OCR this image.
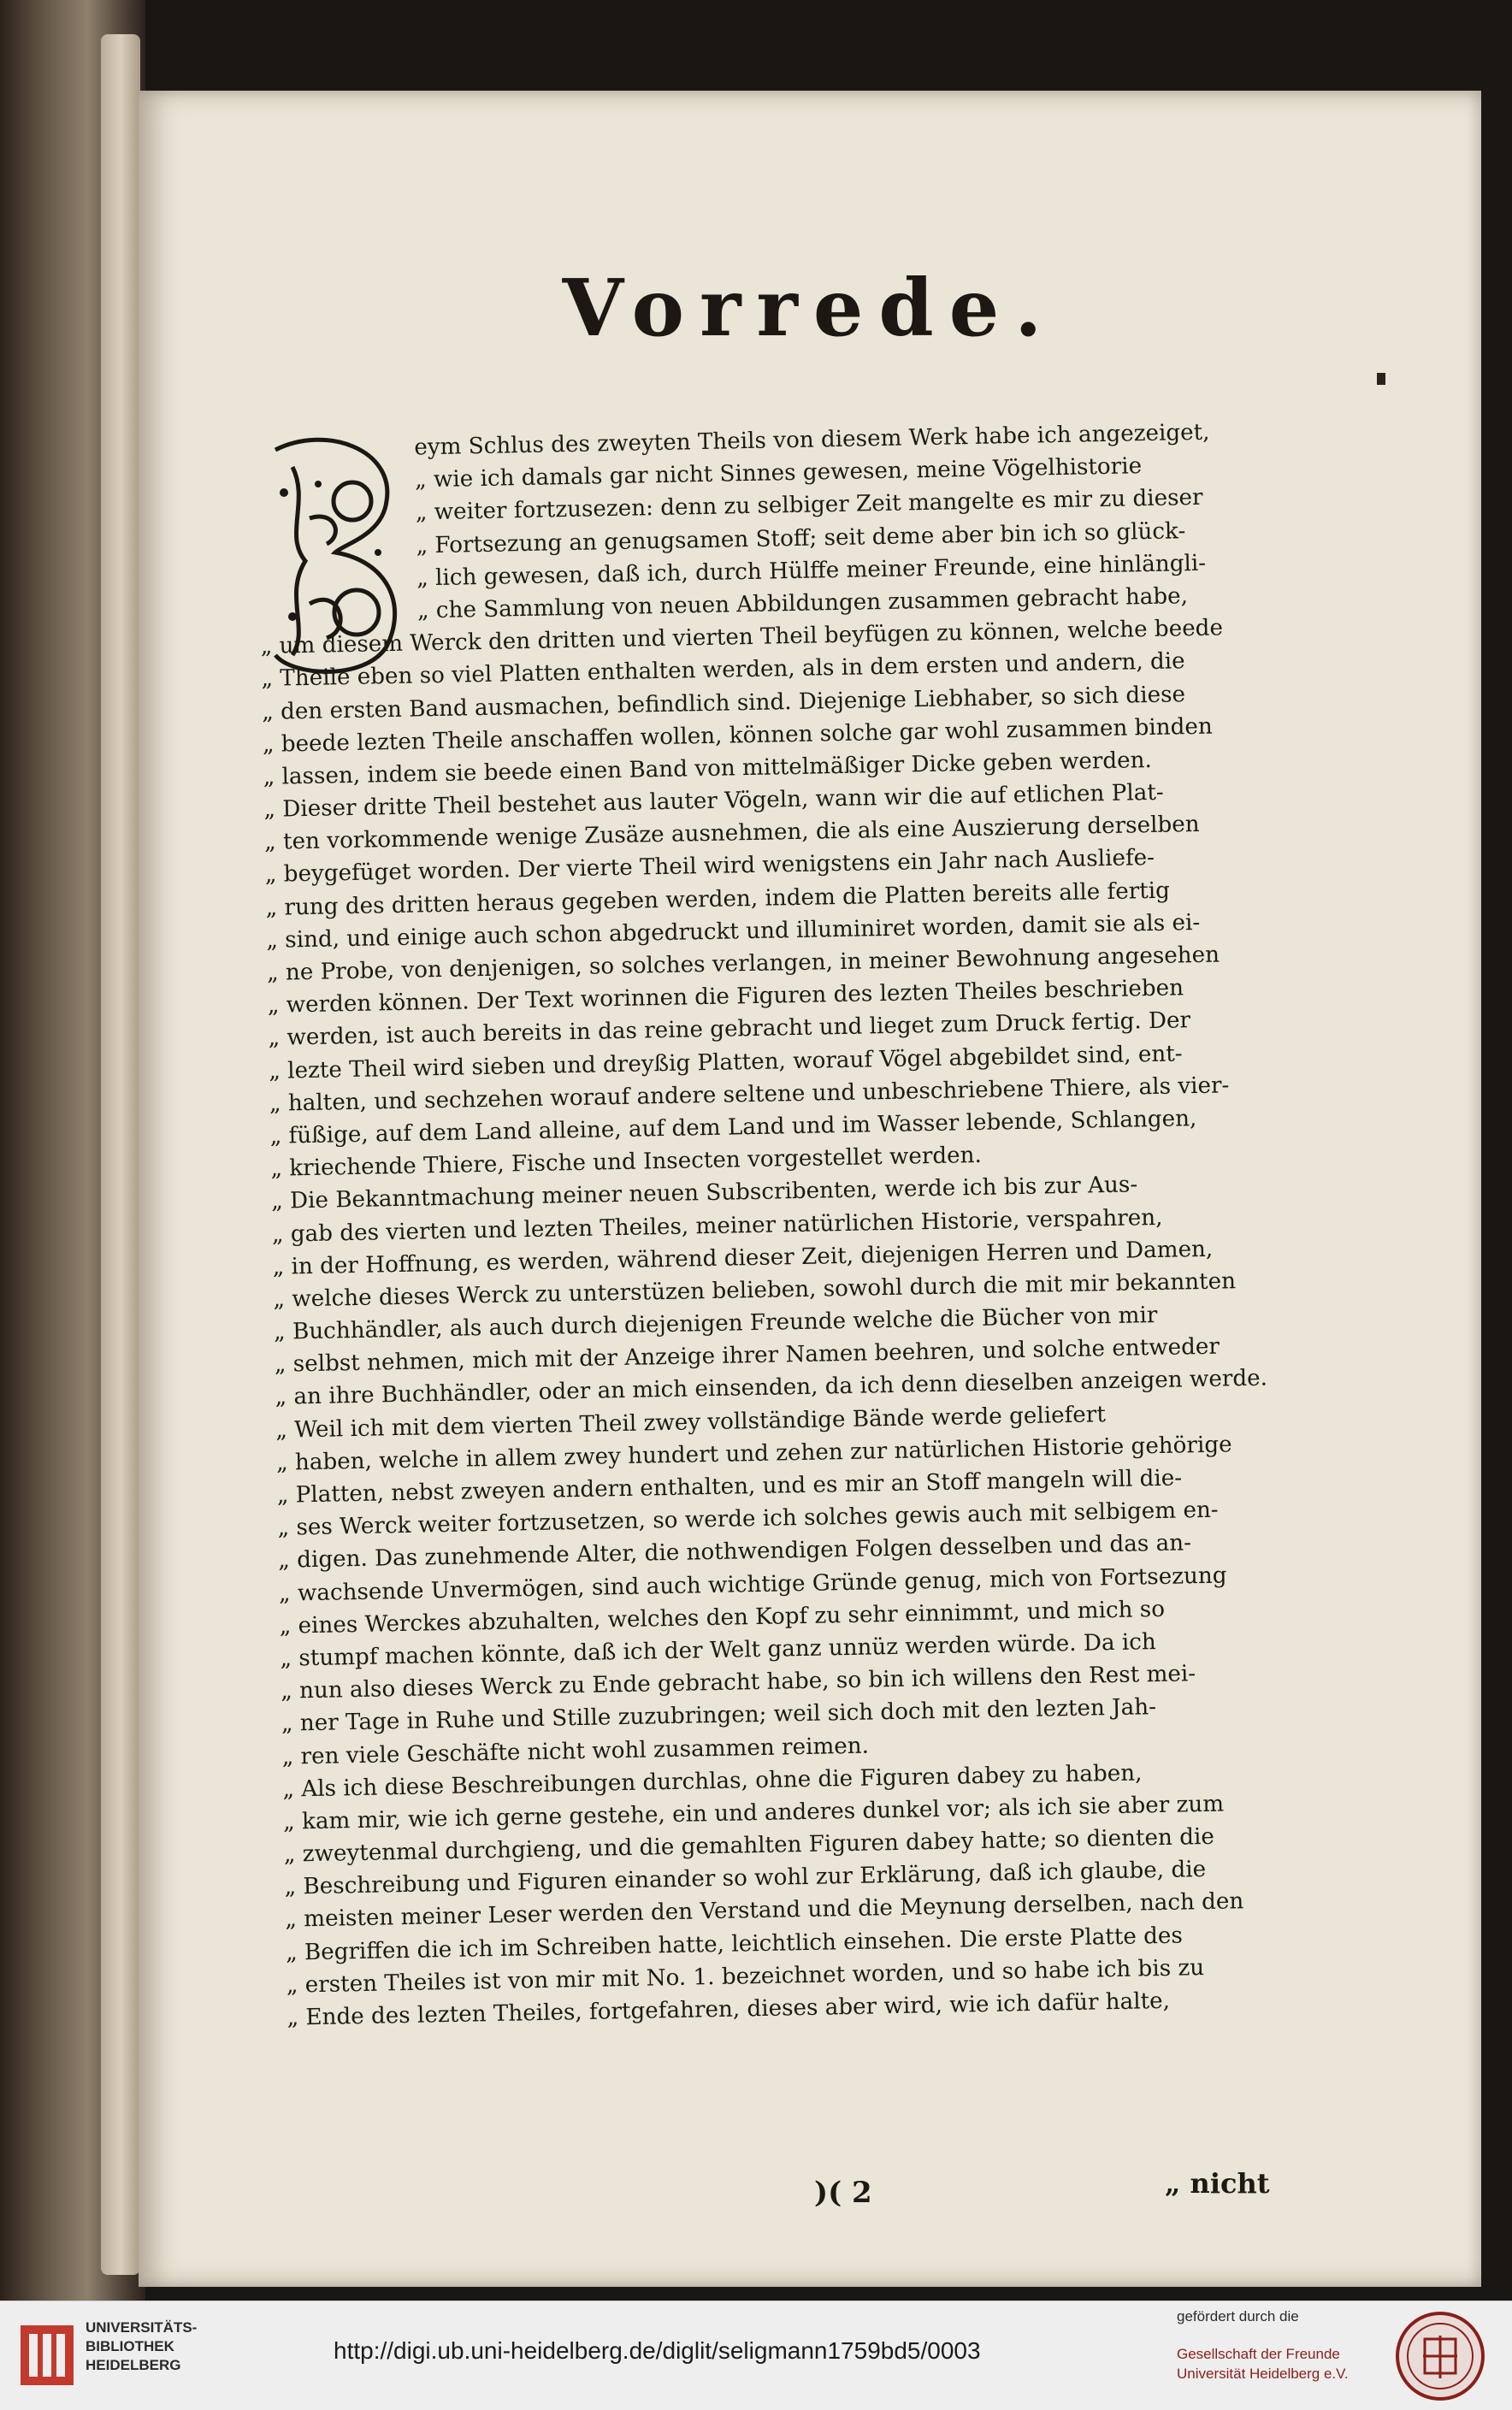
Vorrede.
eym Schlus des zweyten Theils von diesem Werk habe ich angezeiget,
„ wie ich damals gar nicht Sinnes gewesen, meine Vögelhistorie
„ weiter fortzusezen: denn zu selbiger Zeit mangelte es mir zu dieser
„ Fortsezung an genugsamen Stoff; seit deme aber bin ich so glück-
„ lich gewesen, daß ich, durch Hülffe meiner Freunde, eine hinlängli-
„ che Sammlung von neuen Abbildungen zusammen gebracht habe,
„ um diesem Werck den dritten und vierten Theil beyfügen zu können, welche beede
„ Theile eben so viel Platten enthalten werden, als in dem ersten und andern, die
„ den ersten Band ausmachen, befindlich sind. Diejenige Liebhaber, so sich diese
„ beede lezten Theile anschaffen wollen, können solche gar wohl zusammen binden
„ lassen, indem sie beede einen Band von mittelmäßiger Dicke geben werden.
„ Dieser dritte Theil bestehet aus lauter Vögeln, wann wir die auf etlichen Plat-
„ ten vorkommende wenige Zusäze ausnehmen, die als eine Auszierung derselben
„ beygefüget worden. Der vierte Theil wird wenigstens ein Jahr nach Ausliefe-
„ rung des dritten heraus gegeben werden, indem die Platten bereits alle fertig
„ sind, und einige auch schon abgedruckt und illuminiret worden, damit sie als ei-
„ ne Probe, von denjenigen, so solches verlangen, in meiner Bewohnung angesehen
„ werden können. Der Text worinnen die Figuren des lezten Theiles beschrieben
„ werden, ist auch bereits in das reine gebracht und lieget zum Druck fertig. Der
„ lezte Theil wird sieben und dreyßig Platten, worauf Vögel abgebildet sind, ent-
„ halten, und sechzehen worauf andere seltene und unbeschriebene Thiere, als vier-
„ füßige, auf dem Land alleine, auf dem Land und im Wasser lebende, Schlangen,
„ kriechende Thiere, Fische und Insecten vorgestellet werden.
„ Die Bekanntmachung meiner neuen Subscribenten, werde ich bis zur Aus-
„ gab des vierten und lezten Theiles, meiner natürlichen Historie, verspahren,
„ in der Hoffnung, es werden, während dieser Zeit, diejenigen Herren und Damen,
„ welche dieses Werck zu unterstüzen belieben, sowohl durch die mit mir bekannten
„ Buchhändler, als auch durch diejenigen Freunde welche die Bücher von mir
„ selbst nehmen, mich mit der Anzeige ihrer Namen beehren, und solche entweder
„ an ihre Buchhändler, oder an mich einsenden, da ich denn dieselben anzeigen werde.
„ Weil ich mit dem vierten Theil zwey vollständige Bände werde geliefert
„ haben, welche in allem zwey hundert und zehen zur natürlichen Historie gehörige
„ Platten, nebst zweyen andern enthalten, und es mir an Stoff mangeln will die-
„ ses Werck weiter fortzusetzen, so werde ich solches gewis auch mit selbigem en-
„ digen. Das zunehmende Alter, die nothwendigen Folgen desselben und das an-
„ wachsende Unvermögen, sind auch wichtige Gründe genug, mich von Fortsezung
„ eines Werckes abzuhalten, welches den Kopf zu sehr einnimmt, und mich so
„ stumpf machen könnte, daß ich der Welt ganz unnüz werden würde. Da ich
„ nun also dieses Werck zu Ende gebracht habe, so bin ich willens den Rest mei-
„ ner Tage in Ruhe und Stille zuzubringen; weil sich doch mit den lezten Jah-
„ ren viele Geschäfte nicht wohl zusammen reimen.
„ Als ich diese Beschreibungen durchlas, ohne die Figuren dabey zu haben,
„ kam mir, wie ich gerne gestehe, ein und anderes dunkel vor; als ich sie aber zum
„ zweytenmal durchgieng, und die gemahlten Figuren dabey hatte; so dienten die
„ Beschreibung und Figuren einander so wohl zur Erklärung, daß ich glaube, die
„ meisten meiner Leser werden den Verstand und die Meynung derselben, nach den
„ Begriffen die ich im Schreiben hatte, leichtlich einsehen. Die erste Platte des
„ ersten Theiles ist von mir mit No. 1. bezeichnet worden, und so habe ich bis zu
„ Ende des lezten Theiles, fortgefahren, dieses aber wird, wie ich dafür halte,
)( 2	„ nicht
UNIVERSITÄTS-
BIBLIOTHEK
HEIDELBERG
http://digi.ub.uni-heidelberg.de/diglit/seligmann1759bd5/0003
gefördert durch die
Gesellschaft der Freunde
Universität Heidelberg e.V.
